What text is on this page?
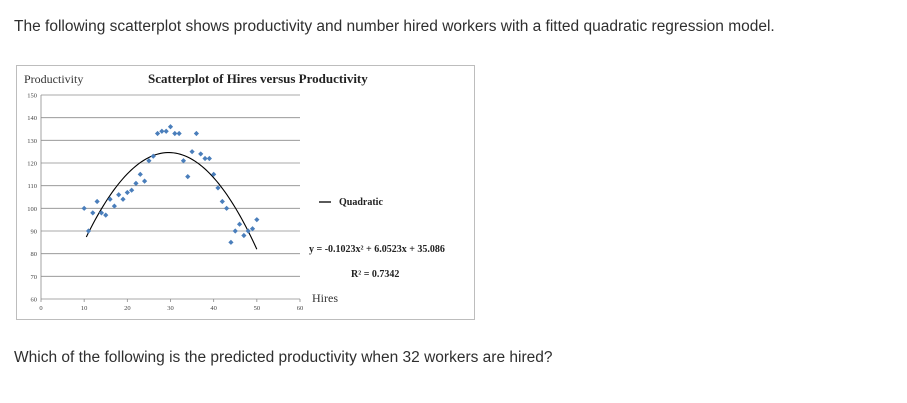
The following scatterplot shows productivity and number hired workers with a fitted quadratic regression model.
60
70
80
90
100
110
120
130
140
150
0	10	20	30	40	50	60
Productivity	Scatterplot of Hires versus Productivity
Quadratic
y = -0.1023x² + 6.0523x + 35.086
R² = 0.7342
Hires
Which of the following is the predicted productivity when 32 workers are hired?
